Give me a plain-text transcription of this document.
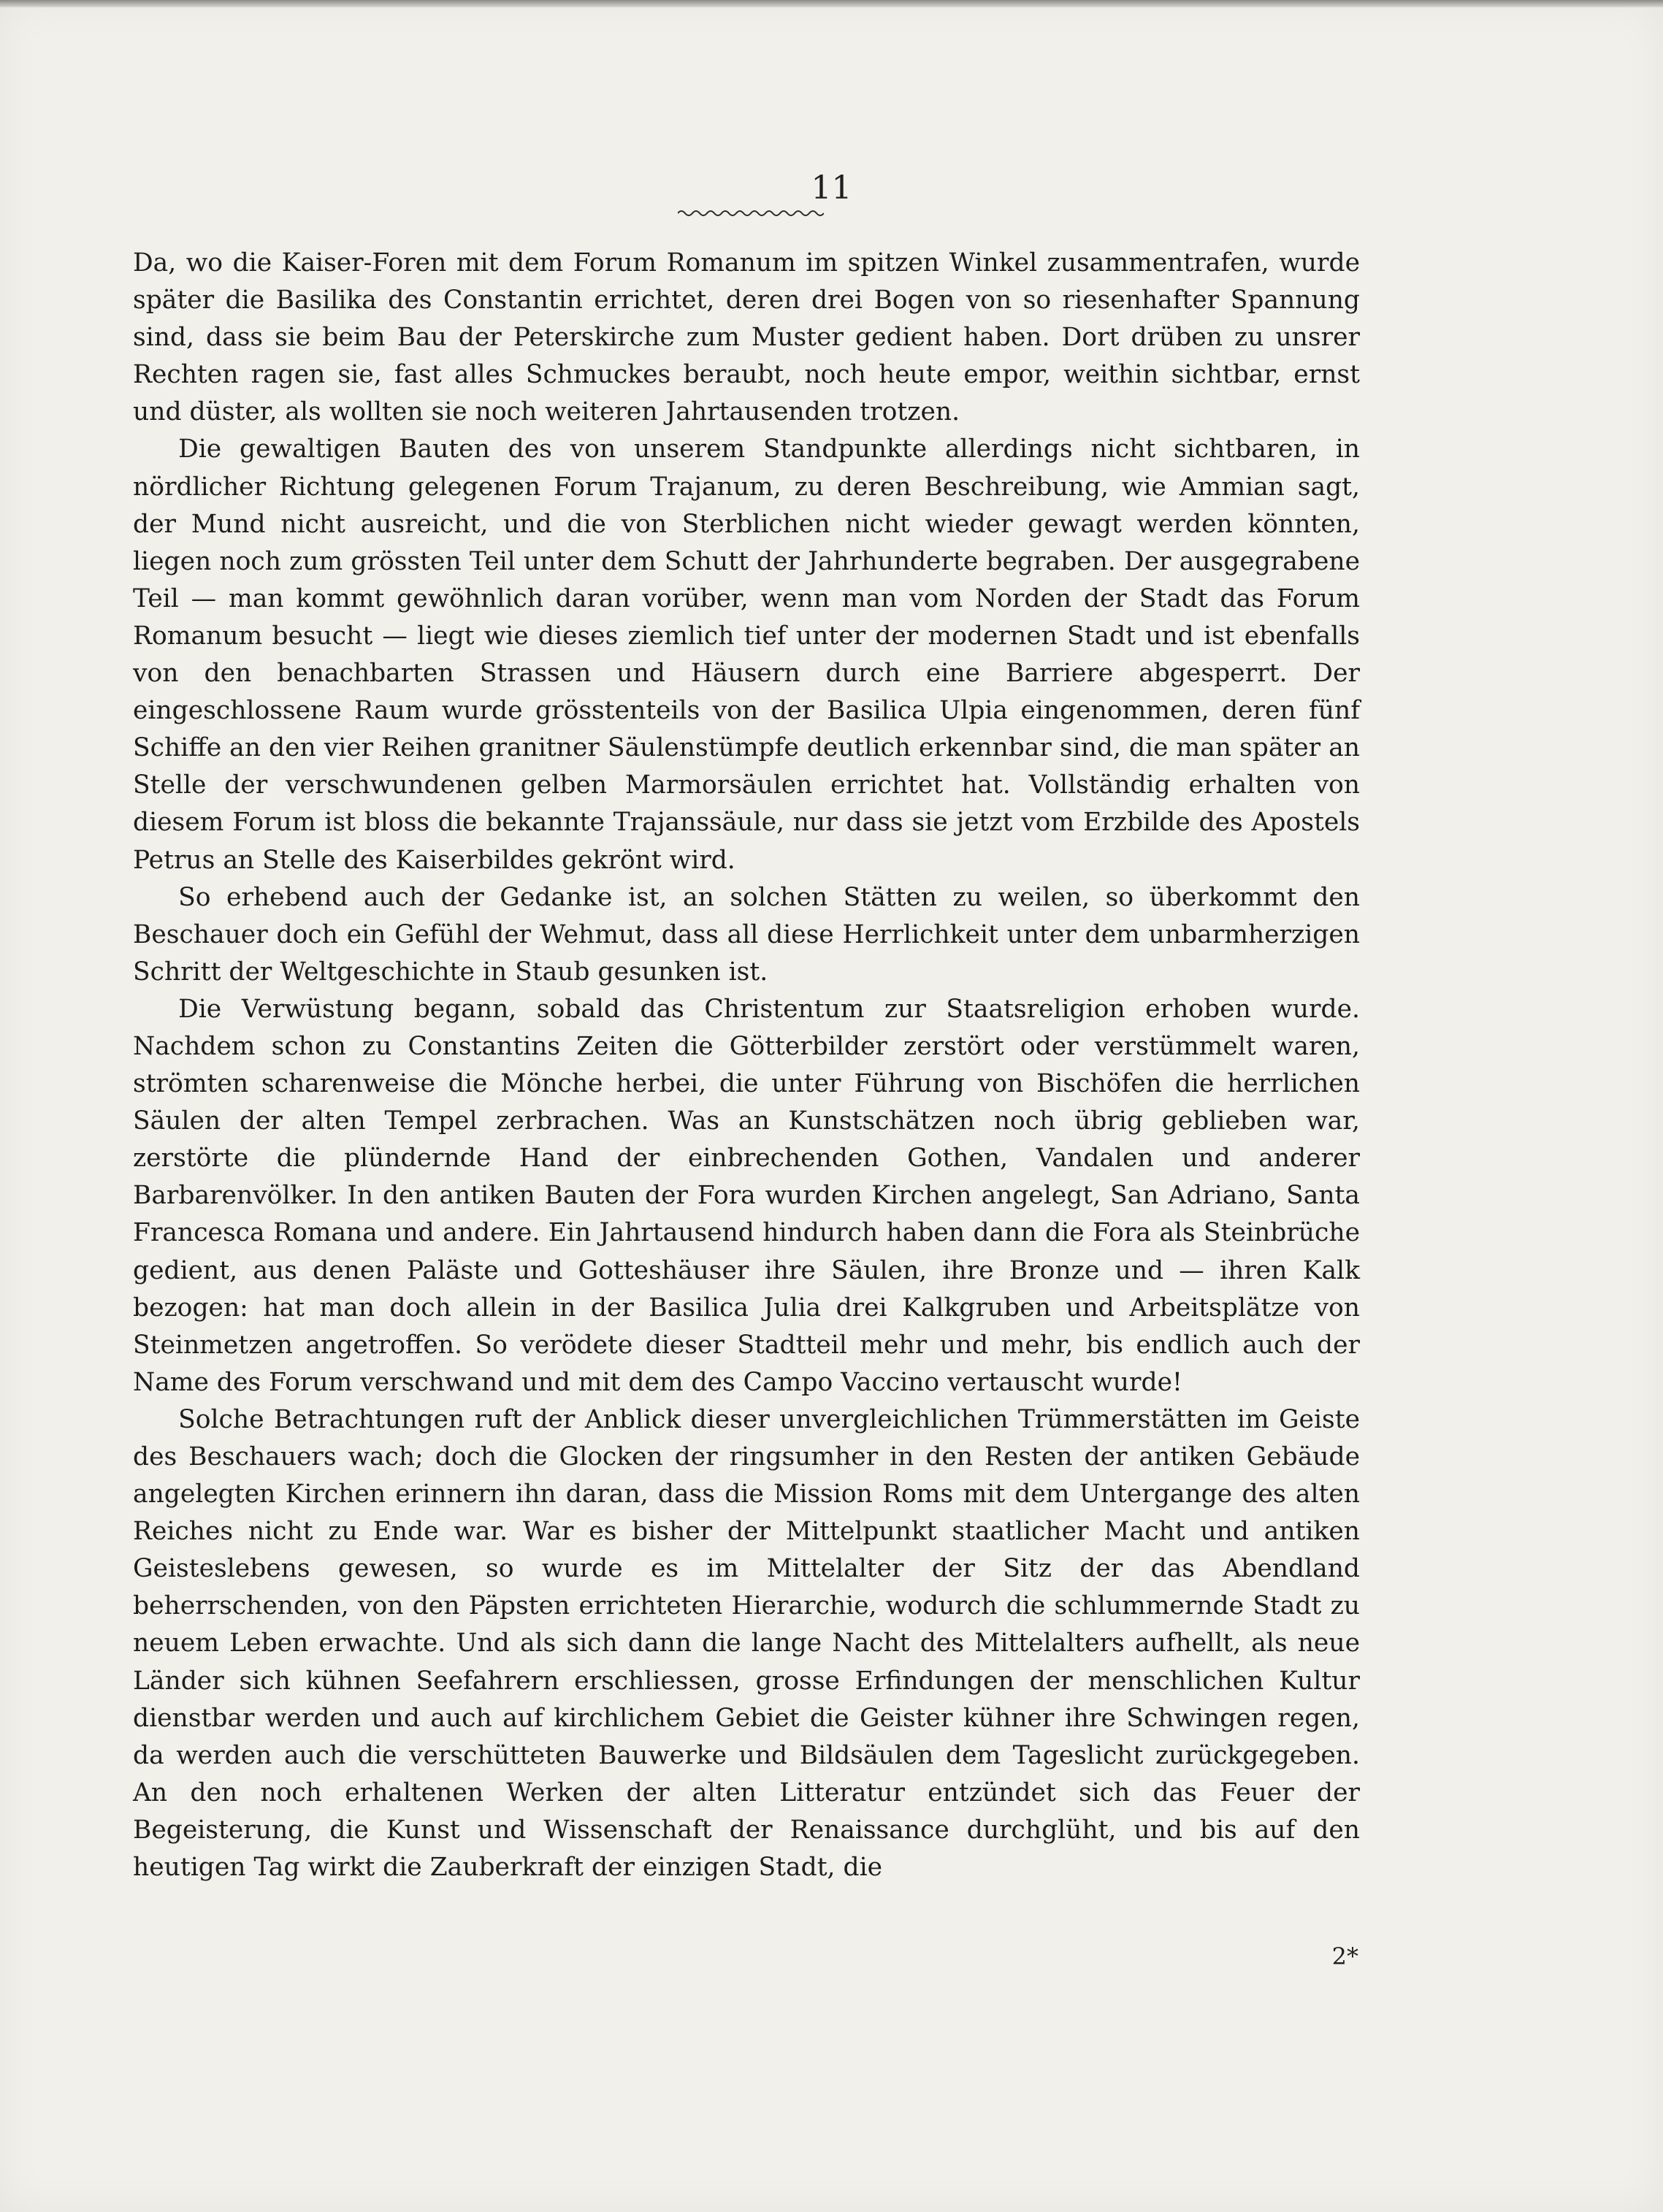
11

Da, wo die Kaiser-Foren mit dem Forum Romanum im spitzen Winkel zusammentrafen, wurde später die Basilika des Constantin errichtet, deren drei Bogen von so riesenhafter Spannung sind, dass sie beim Bau der Peterskirche zum Muster gedient haben. Dort drüben zu unsrer Rechten ragen sie, fast alles Schmuckes beraubt, noch heute empor, weithin sichtbar, ernst und düster, als wollten sie noch weiteren Jahrtausenden trotzen.

Die gewaltigen Bauten des von unserem Standpunkte allerdings nicht sichtbaren, in nördlicher Richtung gelegenen Forum Trajanum, zu deren Beschreibung, wie Ammian sagt, der Mund nicht ausreicht, und die von Sterblichen nicht wieder gewagt werden könnten, liegen noch zum grössten Teil unter dem Schutt der Jahrhunderte begraben. Der ausgegrabene Teil — man kommt gewöhnlich daran vorüber, wenn man vom Norden der Stadt das Forum Romanum besucht — liegt wie dieses ziemlich tief unter der modernen Stadt und ist ebenfalls von den benachbarten Strassen und Häusern durch eine Barriere abgesperrt. Der eingeschlossene Raum wurde grösstenteils von der Basilica Ulpia eingenommen, deren fünf Schiffe an den vier Reihen granitner Säulenstümpfe deutlich erkennbar sind, die man später an Stelle der verschwundenen gelben Marmorsäulen errichtet hat. Vollständig erhalten von diesem Forum ist bloss die bekannte Trajanssäule, nur dass sie jetzt vom Erzbilde des Apostels Petrus an Stelle des Kaiserbildes gekrönt wird.

So erhebend auch der Gedanke ist, an solchen Stätten zu weilen, so überkommt den Beschauer doch ein Gefühl der Wehmut, dass all diese Herrlichkeit unter dem unbarmherzigen Schritt der Weltgeschichte in Staub gesunken ist.

Die Verwüstung begann, sobald das Christentum zur Staatsreligion erhoben wurde. Nachdem schon zu Constantins Zeiten die Götterbilder zerstört oder verstümmelt waren, strömten scharenweise die Mönche herbei, die unter Führung von Bischöfen die herrlichen Säulen der alten Tempel zerbrachen. Was an Kunstschätzen noch übrig geblieben war, zerstörte die plündernde Hand der einbrechenden Gothen, Vandalen und anderer Barbarenvölker. In den antiken Bauten der Fora wurden Kirchen angelegt, San Adriano, Santa Francesca Romana und andere. Ein Jahrtausend hindurch haben dann die Fora als Steinbrüche gedient, aus denen Paläste und Gotteshäuser ihre Säulen, ihre Bronze und — ihren Kalk bezogen: hat man doch allein in der Basilica Julia drei Kalkgruben und Arbeitsplätze von Steinmetzen angetroffen. So verödete dieser Stadtteil mehr und mehr, bis endlich auch der Name des Forum verschwand und mit dem des Campo Vaccino vertauscht wurde!

Solche Betrachtungen ruft der Anblick dieser unvergleichlichen Trümmerstätten im Geiste des Beschauers wach; doch die Glocken der ringsumher in den Resten der antiken Gebäude angelegten Kirchen erinnern ihn daran, dass die Mission Roms mit dem Untergange des alten Reiches nicht zu Ende war. War es bisher der Mittelpunkt staatlicher Macht und antiken Geisteslebens gewesen, so wurde es im Mittelalter der Sitz der das Abendland beherrschenden, von den Päpsten errichteten Hierarchie, wodurch die schlummernde Stadt zu neuem Leben erwachte. Und als sich dann die lange Nacht des Mittelalters aufhellt, als neue Länder sich kühnen Seefahrern erschliessen, grosse Erfindungen der menschlichen Kultur dienstbar werden und auch auf kirchlichem Gebiet die Geister kühner ihre Schwingen regen, da werden auch die verschütteten Bauwerke und Bildsäulen dem Tageslicht zurückgegeben. An den noch erhaltenen Werken der alten Litteratur entzündet sich das Feuer der Begeisterung, die Kunst und Wissenschaft der Renaissance durchglüht, und bis auf den heutigen Tag wirkt die Zauberkraft der einzigen Stadt, die

2*
